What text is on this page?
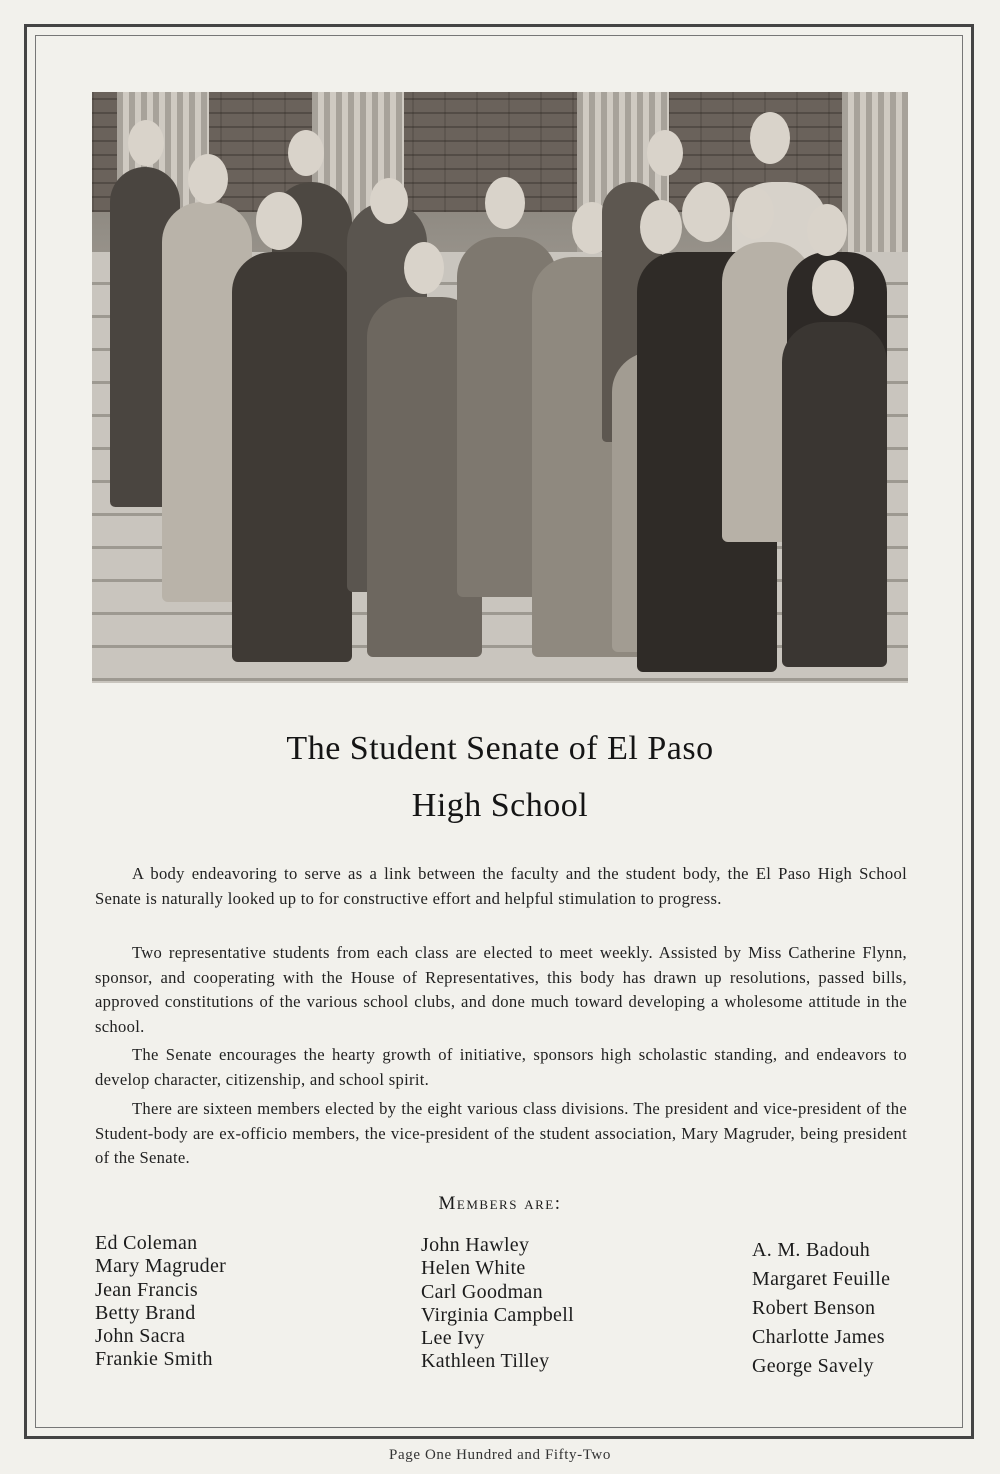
The Student Senate of El Paso
High School
A body endeavoring to serve as a link between the faculty and the student body, the El Paso High School Senate is naturally looked up to for constructive effort and helpful stimulation to progress.
Two representative students from each class are elected to meet weekly. Assisted by Miss Catherine Flynn, sponsor, and cooperating with the House of Representatives, this body has drawn up resolutions, passed bills, approved constitutions of the various school clubs, and done much toward developing a wholesome attitude in the school.
The Senate encourages the hearty growth of initiative, sponsors high scholastic standing, and endeavors to develop character, citizenship, and school spirit.
There are sixteen members elected by the eight various class divisions. The president and vice-president of the Student-body are ex-officio members, the vice-president of the student association, Mary Magruder, being president of the Senate.
Members are:
Ed Coleman
Mary Magruder
Jean Francis
Betty Brand
John Sacra
Frankie Smith
John Hawley
Helen White
Carl Goodman
Virginia Campbell
Lee Ivy
Kathleen Tilley
A. M. Badouh
Margaret Feuille
Robert Benson
Charlotte James
George Savely
Page One Hundred and Fifty-Two
